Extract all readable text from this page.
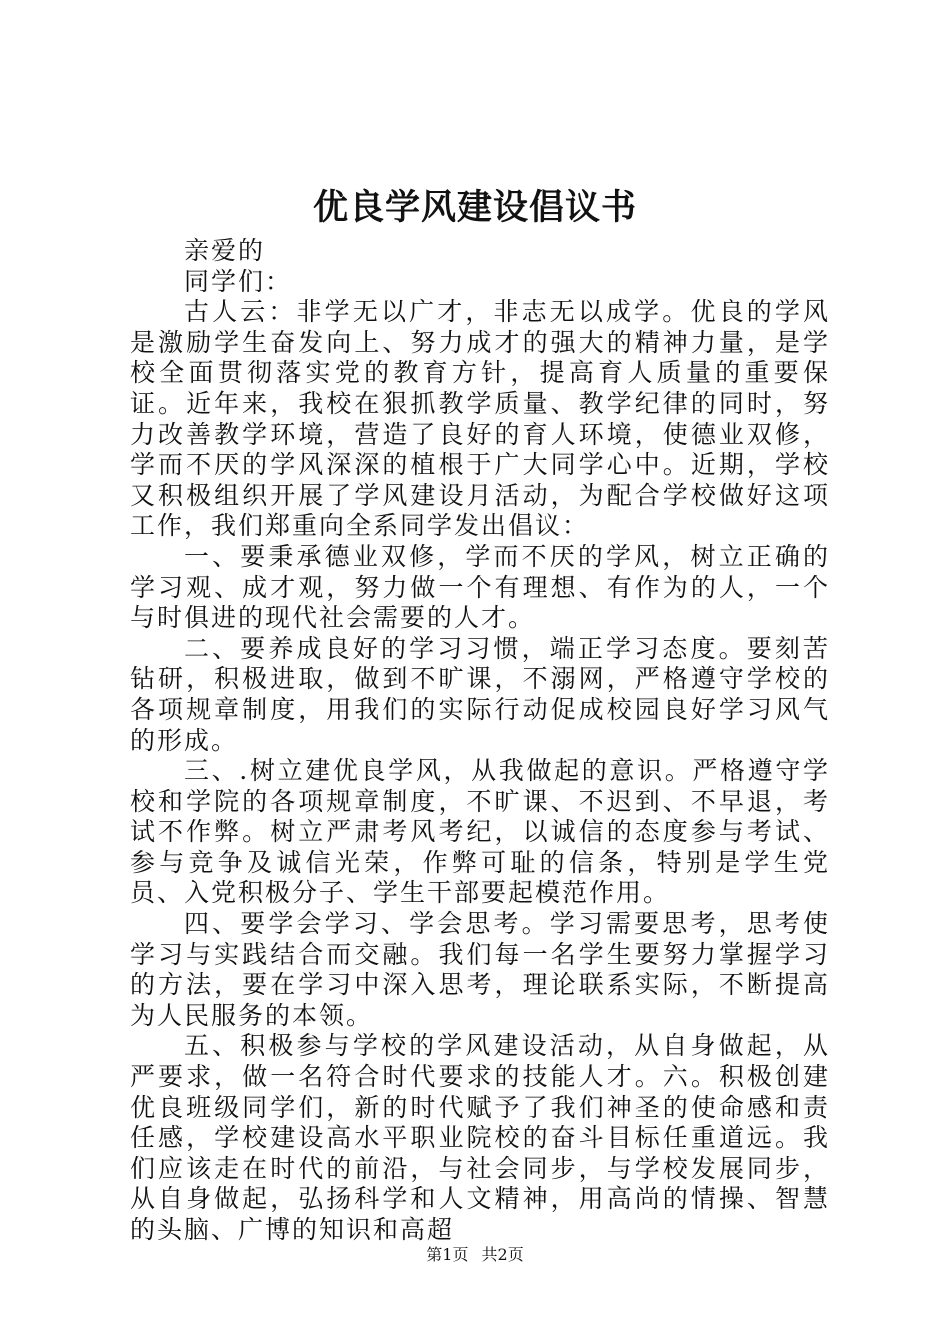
优良学风建设倡议书

亲爱的

同学们：

古人云：非学无以广才，非志无以成学。优良的学风是激励学生奋发向上、努力成才的强大的精神力量，是学校全面贯彻落实党的教育方针，提高育人质量的重要保证。近年来，我校在狠抓教学质量、教学纪律的同时，努力改善教学环境，营造了良好的育人环境，使德业双修，学而不厌的学风深深的植根于广大同学心中。近期，学校又积极组织开展了学风建设月活动，为配合学校做好这项工作，我们郑重向全系同学发出倡议：

一、要秉承德业双修，学而不厌的学风，树立正确的学习观、成才观，努力做一个有理想、有作为的人，一个与时俱进的现代社会需要的人才。

二、要养成良好的学习习惯，端正学习态度。要刻苦钻研，积极进取，做到不旷课，不溺网，严格遵守学校的各项规章制度，用我们的实际行动促成校园良好学习风气的形成。

三、.树立建优良学风，从我做起的意识。严格遵守学校和学院的各项规章制度，不旷课、不迟到、不早退，考试不作弊。树立严肃考风考纪，以诚信的态度参与考试、参与竞争及诚信光荣，作弊可耻的信条，特别是学生党员、入党积极分子、学生干部要起模范作用。

四、要学会学习、学会思考。学习需要思考，思考使学习与实践结合而交融。我们每一名学生要努力掌握学习的方法，要在学习中深入思考，理论联系实际，不断提高为人民服务的本领。

五、积极参与学校的学风建设活动，从自身做起，从严要求，做一名符合时代要求的技能人才。六。积极创建优良班级同学们，新的时代赋予了我们神圣的使命感和责任感，学校建设高水平职业院校的奋斗目标任重道远。我们应该走在时代的前沿，与社会同步，与学校发展同步，从自身做起，弘扬科学和人文精神，用高尚的情操、智慧的头脑、广博的知识和高超

第1页 共2页
